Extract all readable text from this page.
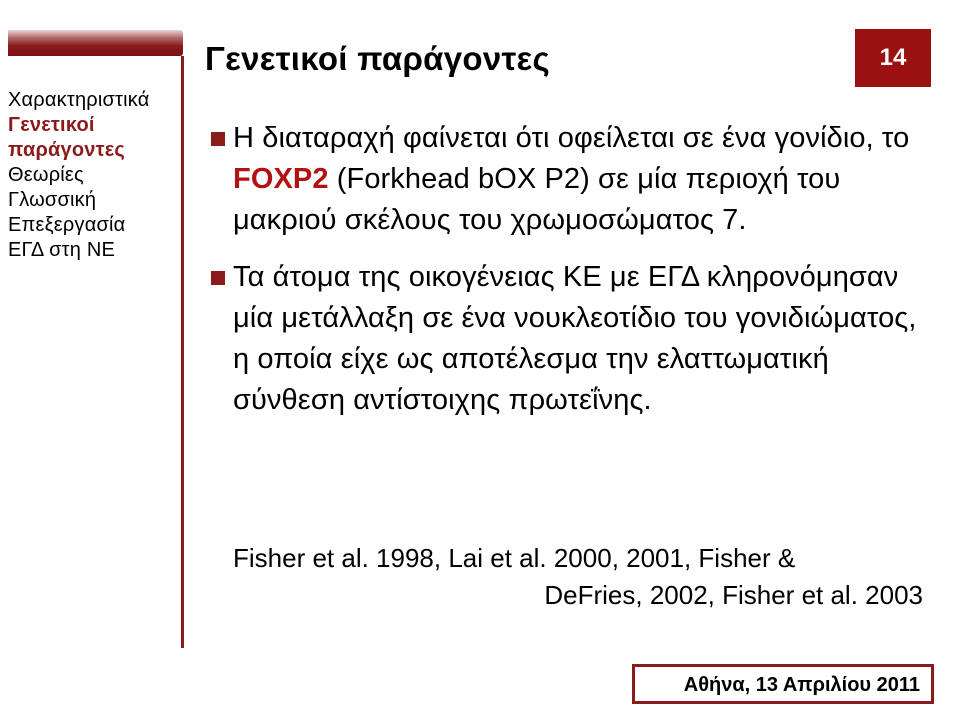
Χαρακτηριστικά
Γενετικοί
παράγοντες
Θεωρίες
Γλωσσική
Επεξεργασία
ΕΓΔ στη ΝΕ
Γενετικοί παράγοντες	14
Η διαταραχή φαίνεται ότι οφείλεται σε ένα γονίδιο, το FOXP2 (Forkhead bOX P2) σε μία περιοχή του μακριού σκέλους του χρωμοσώματος 7.
Τα άτομα της οικογένειας ΚΕ με ΕΓΔ κληρονόμησαν μία μετάλλαξη σε ένα νουκλεοτίδιο του γονιδιώματος, η οποία είχε ως αποτέλεσμα την ελαττωματική σύνθεση αντίστοιχης πρωτεΐνης.
Fisher et al. 1998, Lai et al. 2000, 2001, Fisher &
DeFries, 2002, Fisher et al. 2003
Αθήνα, 13 Απριλίου 2011
